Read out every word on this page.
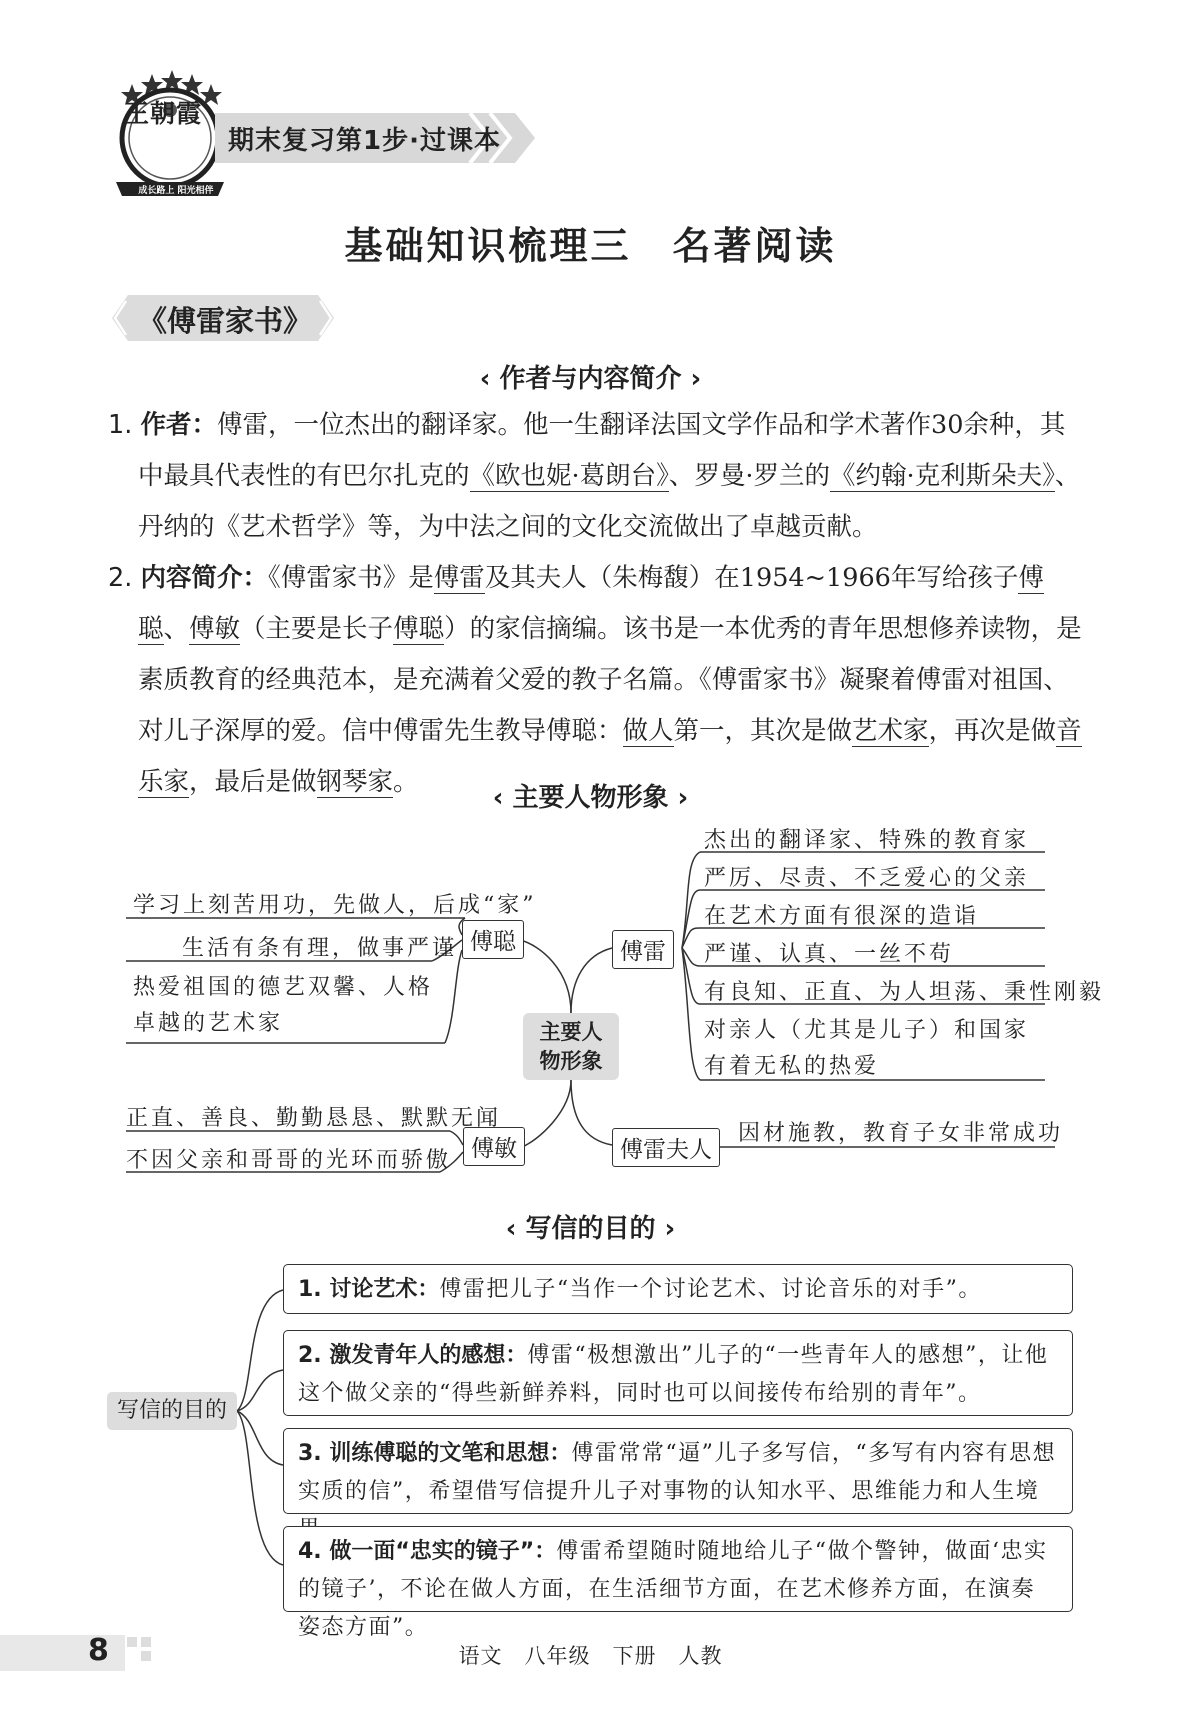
王朝霞
成长路上 阳光相伴
期末复习第1步·过课本
基础知识梳理三　名著阅读
《傅雷家书》
‹ 作者与内容简介 ›
1. 作者：傅雷，一位杰出的翻译家。他一生翻译法国文学作品和学术著作30余种，其中最具代表性的有巴尔扎克的《欧也妮·葛朗台》、罗曼·罗兰的《约翰·克利斯朵夫》、丹纳的《艺术哲学》等，为中法之间的文化交流做出了卓越贡献。
2. 内容简介：《傅雷家书》是傅雷及其夫人（朱梅馥）在1954~1966年写给孩子傅聪、傅敏（主要是长子傅聪）的家信摘编。该书是一本优秀的青年思想修养读物，是素质教育的经典范本，是充满着父爱的教子名篇。《傅雷家书》凝聚着傅雷对祖国、对儿子深厚的爱。信中傅雷先生教导傅聪：做人第一，其次是做艺术家，再次是做音乐家，最后是做钢琴家。
‹ 主要人物形象 ›
主要人物形象
傅聪
学习上刻苦用功，先做人，后成“家”
生活有条有理，做事严谨
热爱祖国的德艺双馨、人格卓越的艺术家
傅敏
正直、善良、勤勤恳恳、默默无闻
不因父亲和哥哥的光环而骄傲
傅雷
杰出的翻译家、特殊的教育家
严厉、尽责、不乏爱心的父亲
在艺术方面有很深的造诣
严谨、认真、一丝不苟
有良知、正直、为人坦荡、秉性刚毅
对亲人（尤其是儿子）和国家有着无私的热爱
傅雷夫人
因材施教，教育子女非常成功
‹ 写信的目的 ›
写信的目的
1. 讨论艺术：傅雷把儿子“当作一个讨论艺术、讨论音乐的对手”。
2. 激发青年人的感想：傅雷“极想激出”儿子的“一些青年人的感想”，让他这个做父亲的“得些新鲜养料，同时也可以间接传布给别的青年”。
3. 训练傅聪的文笔和思想：傅雷常常“逼”儿子多写信，“多写有内容有思想实质的信”，希望借写信提升儿子对事物的认知水平、思维能力和人生境
4. 做一面“忠实的镜子”：傅雷希望随时随地给儿子“做个警钟，做面‘忠实的镜子’，不论在做人方面，在生活细节方面，在艺术修养方面，在演奏姿态方面”。
8	语文　八年级　下册　人教
